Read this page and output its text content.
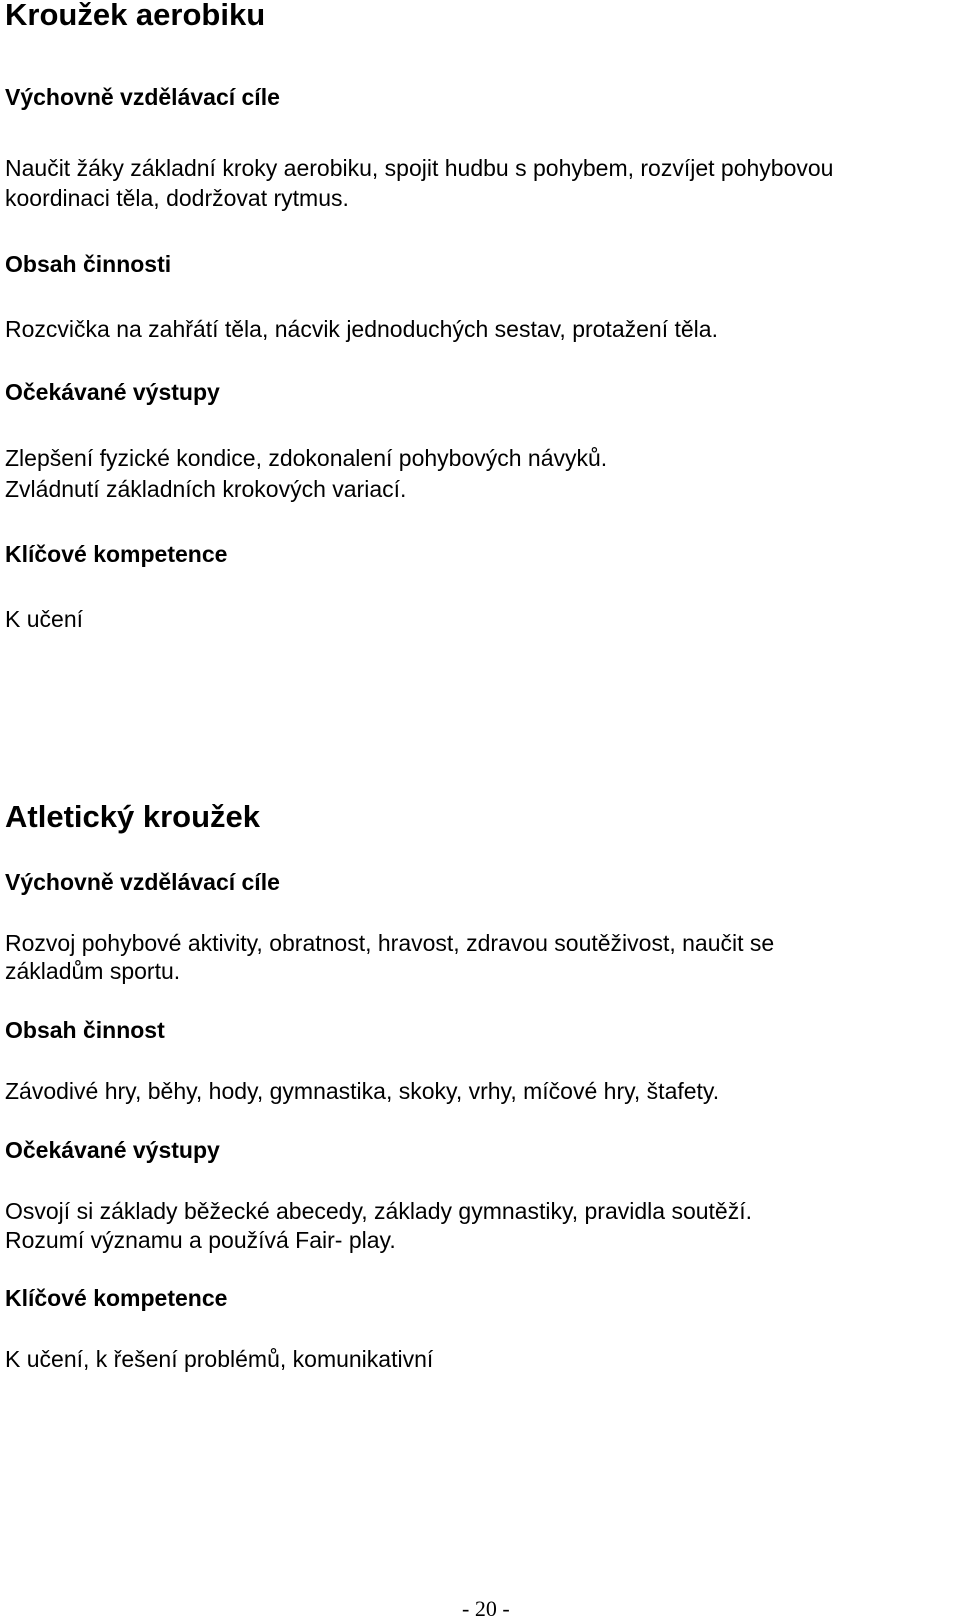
Kroužek aerobiku
Výchovně vzdělávací cíle
Naučit žáky základní kroky aerobiku, spojit hudbu s pohybem, rozvíjet pohybovou
koordinaci těla, dodržovat rytmus.
Obsah činnosti
Rozcvička na zahřátí těla, nácvik jednoduchých sestav, protažení těla.
Očekávané výstupy
Zlepšení fyzické kondice, zdokonalení pohybových návyků.
Zvládnutí základních krokových variací.
Klíčové kompetence
K učení
Atletický kroužek
Výchovně vzdělávací cíle
Rozvoj pohybové aktivity, obratnost, hravost, zdravou soutěživost, naučit se
základům sportu.
Obsah činnost
Závodivé hry, běhy, hody, gymnastika, skoky, vrhy, míčové hry, štafety.
Očekávané výstupy
Osvojí si základy běžecké abecedy, základy gymnastiky, pravidla soutěží.
Rozumí významu a používá Fair- play.
Klíčové kompetence
K učení, k řešení problémů, komunikativní
- 20 -
